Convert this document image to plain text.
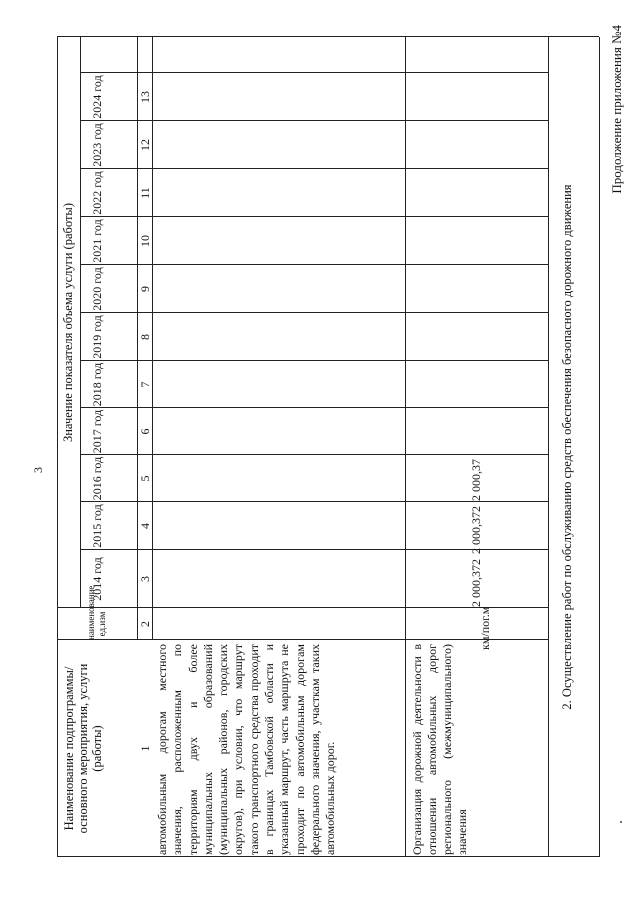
3
Продолжение приложения №4
Наименование подпрограммы/ основного мероприятия, услуги (работы)
наименование ед.изм
Значение показателя объема услуги (работы)
2014 год
2015 год
2016 год
2017 год
2018 год
2019 год
2020 год
2021 год
2022 год
2023 год
2024 год
1
2
3
4
5
6
7
8
9
10
11
12
13
автомобильным дорогам местного значения, расположенным по территориям двух и более муниципальных образований (муниципальных районов, городских округов), при условии, что маршрут такого транспортного средства проходит в границах Тамбовской области и указанный маршрут, часть маршрута не проходит по автомобильным дорогам федерального значения, участкам таких автомобильных дорог.	Организация дорожной деятельности в отношении автомобильных дорог регионального (межмуниципального) значения
км/пог.м
2 000,372
2 000,372
2 000,37	2. Осуществление работ по обслуживанию средств обеспечения безопасного дорожного движения
